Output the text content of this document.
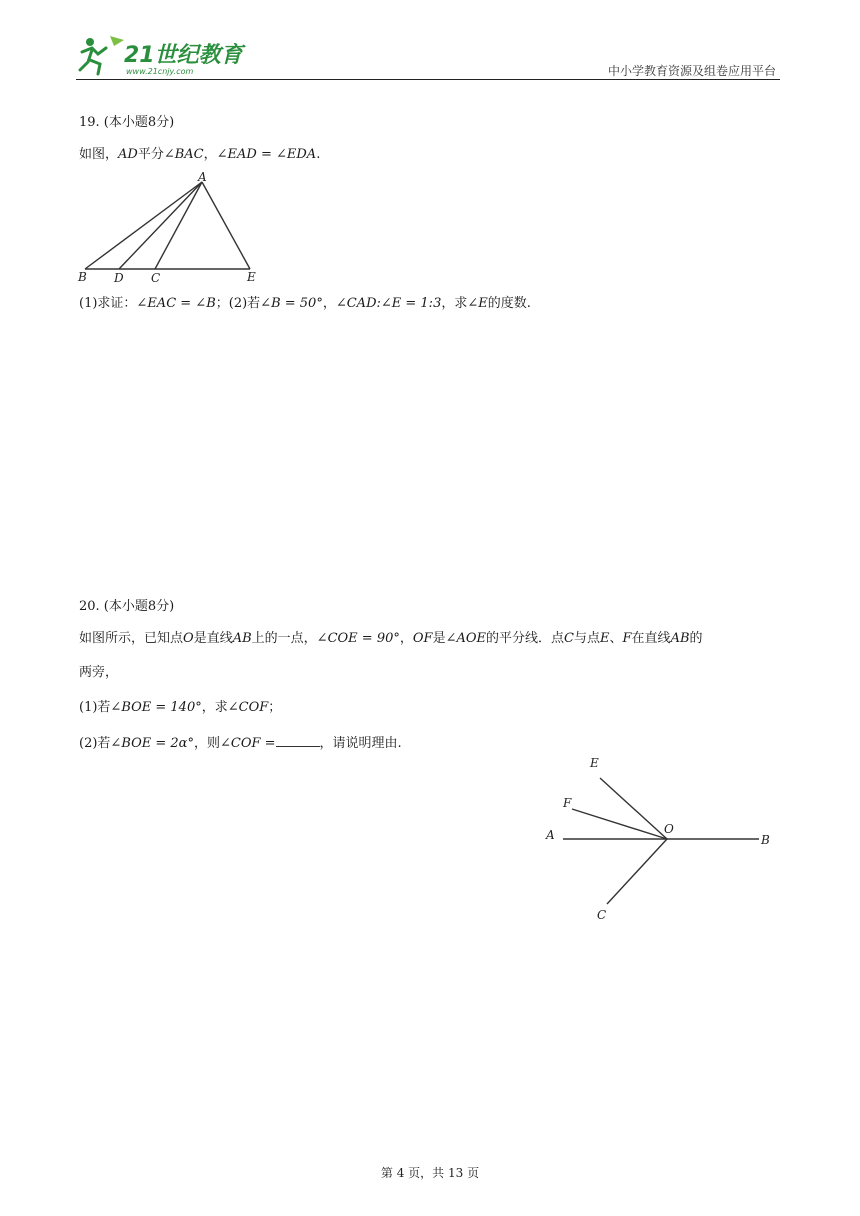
21世纪教育
www.21cnjy.com	中小学教育资源及组卷应用平台
19. (本小题8分)
如图，AD平分∠BAC，∠EAD = ∠EDA.
A
B D C	E
(1)求证：∠EAC = ∠B；(2)若∠B = 50°，∠CAD:∠E = 1:3，求∠E的度数.
20. (本小题8分)
如图所示，已知点O是直线AB上的一点，∠COE = 90°，OF是∠AOE的平分线．点C与点E、F在直线AB的
两旁，
(1)若∠BOE = 140°，求∠COF；
(2)若∠BOE = 2α°，则∠COF =	，请说明理由.
E
F
A	O
B
C
第 4 页，共 13 页
